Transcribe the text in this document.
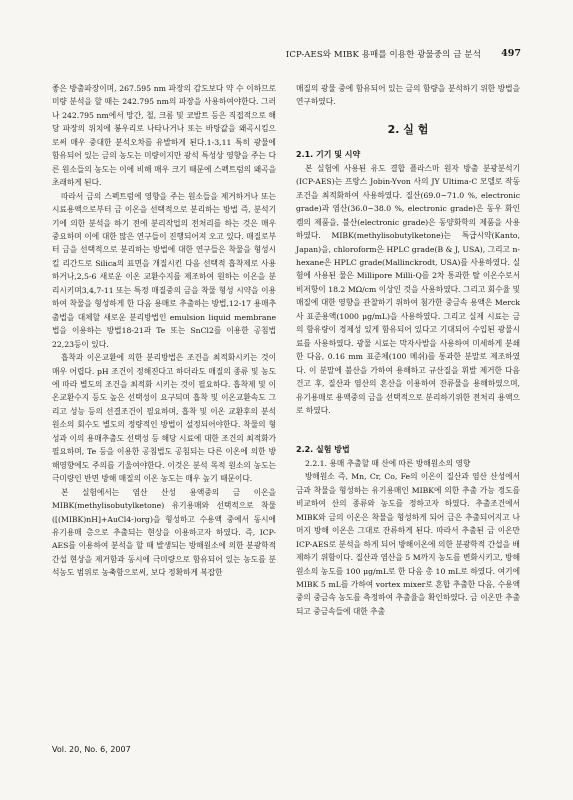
ICP-AES와 MIBK 용매를 이용한 광물중의 금 분석 497

좋은 방출파장이며, 267.595 nm 파장의 감도보다 약 수 이하므로 미량 분석을 할 때는 242.795 nm의 파장을 사용하여야한다. 그러나 242.795 nm에서 망간, 철, 크롬 및 코발트 등은 직접적으로 해당 파장의 위치에 봉우리로 나타나거나 또는 바탕값을 왜곡시킴으로써 매우 중대한 분석오차를 유발하게 된다.1-3,11 특히 광물에 함유되어 있는 금의 농도는 미량이지만 광석 특성상 영향을 주는 다른 원소들의 농도는 이에 비해 매우 크기 때문에 스펙트럼의 왜곡을 초래하게 된다.

따라서 금의 스펙트럼에 영향을 주는 원소들을 제거하거나 또는 시료용액으로부터 금 이온을 선택적으로 분리하는 방법 즉, 분석기기에 의한 분석을 하기 전에 분리작업의 전처리를 하는 것은 매우 중요하며 이에 대한 많은 연구들이 진행되어져 오고 있다. 매질로부터 금을 선택적으로 분리하는 방법에 대한 연구들은 착물을 형성시킬 리간드로 Silica의 표면을 개질시킨 다음 선택적 흡착제로 사용하거나,2,5-6 새로운 이온 교환수지를 제조하여 원하는 이온을 분리시키며3,4,7-11 또는 특정 매질중의 금을 착물 형성 시약을 이용하여 착물을 형성하게 한 다음 용매로 추출하는 방법,12-17 용매추출법을 대체할 새로운 분리방법인 emulsion liquid membrane 법을 이용하는 방법18-21과 Te 또는 SnCl2를 이용한 공침법22,23등이 있다.

흡착과 이온교환에 의한 분리방법은 조건을 최적화시키는 것이 매우 어렵다. pH 조건이 정해진다고 하더라도 매질의 종류 및 농도에 따라 별도의 조건을 최적화 시키는 것이 필요하다. 흡착제 및 이온교환수지 등도 높은 선택성이 요구되며 흡착 및 이온교환속도 그리고 성능 등의 선결조건이 필요하며, 흡착 및 이온 교환후의 분석원소의 회수도 별도의 정량적인 방법이 설정되어야한다. 착물의 형성과 이의 용매추출도 선택성 등 해당 시료에 대한 조건의 최적화가 필요하며, Te 등을 이용한 공침법도 공침되는 다른 이온에 의한 방해영향에도 주의를 기울여야한다. 이것은 분석 목적 원소의 농도는 극미량인 반면 방해 매질의 이온 농도는 매우 높기 때문이다.

본 실험에서는 염산 산성 용액중의 금 이온을 MIBK(methylisobutylketone) 유기용매와 선택적으로 착물 ([(MIBK)nH]+AuCl4-)org)을 형성하고 수용액 중에서 동시에 유기용매 층으로 추출되는 현상을 이용하고자 하였다. 즉, ICP-AES를 이용하여 분석을 할 때 발생되는 방해원소에 의한 분광학적 간섭 현상을 제거함과 동시에 극미량으로 함유되어 있는 농도를 분석농도 범위로 농축함으로써, 보다 정확하게 복잡한

매질의 광물 중에 함유되어 있는 금의 함량을 분석하기 위한 방법을 연구하였다.

2. 실 험
2.1. 기기 및 시약

본 실험에 사용된 유도 결합 플라스마 원자 방출 분광분석기(ICP-AES)는 프랑스 Jobin-Yvon 사의 JY Ultima-C 모델로 작동 조건을 최적화하여 사용하였다. 질산(69.0~71.0 %, electronic grade)과 염산(36.0~38.0 %, electronic grade)은 동우 화인켐의 제품을, 불산(electronic grade)은 동양화학의 제품을 사용하였다. MIBK(methylisobutylketone)는 특급시약(Kanto, Japan)을, chloroform은 HPLC grade(B & J, USA), 그리고 n-hexane은 HPLC grade(Mallinckrodt, USA)를 사용하였다. 실험에 사용된 물은 Millipore Milli-Q를 2차 통과한 탈 이온수로서 비저항이 18.2 MΩ/cm 이상인 것을 사용하였다. 그리고 회수율 및 매질에 대한 영향을 관찰하기 위하여 첨가한 중금속 용액은 Merck사 표준용액(1000 μg/mL)을 사용하였다. 그리고 실제 시료는 금의 함유량이 경제성 있게 함유되어 있다고 기대되어 수입된 광물시료를 사용하였다. 광물 시료는 막자사발을 사용하여 미세하게 분쇄한 다음, 0.16 mm 표준체(100 메쉬)를 통과한 분말로 제조하였다. 이 분말에 불산을 가하여 용해하고 규산질을 휘발 제거한 다음 건고 후, 질산과 염산의 혼산을 이용하여 잔류물을 용해하였으며, 유기용매로 용액중의 금을 선택적으로 분리하기위한 전처리 용액으로 하였다.

2.2. 실험 방법

2.2.1. 용매 추출할 때 산에 따른 방해원소의 영향

방해원소 즉, Mn, Cr, Co, Fe의 이온이 질산과 염산 산성에서 금과 착물을 형성하는 유기용매인 MIBK에 의한 추출 가능 정도를 비교하여 산의 종류와 농도를 정하고자 하였다. 추출조건에서 MIBK와 금의 이온은 착물을 형성하게 되어 금은 추출되어지고 나머지 방해 이온은 그대로 잔류하게 된다. 따라서 추출된 금 이온만 ICP-AES로 분석을 하게 되어 방해이온에 의한 분광학적 간섭을 배제하기 위함이다. 질산과 염산을 5 M까지 농도를 변화시키고, 방해원소의 농도를 100 μg/mL로 한 다음 총 10 mL로 하였다. 여기에 MIBK 5 mL를 가하여 vortex mixer로 혼합 추출한 다음, 수용액 중의 중금속 농도를 측정하여 추출율을 확인하였다. 금 이온만 추출되고 중금속들에 대한 추출

Vol. 20, No. 6, 2007
